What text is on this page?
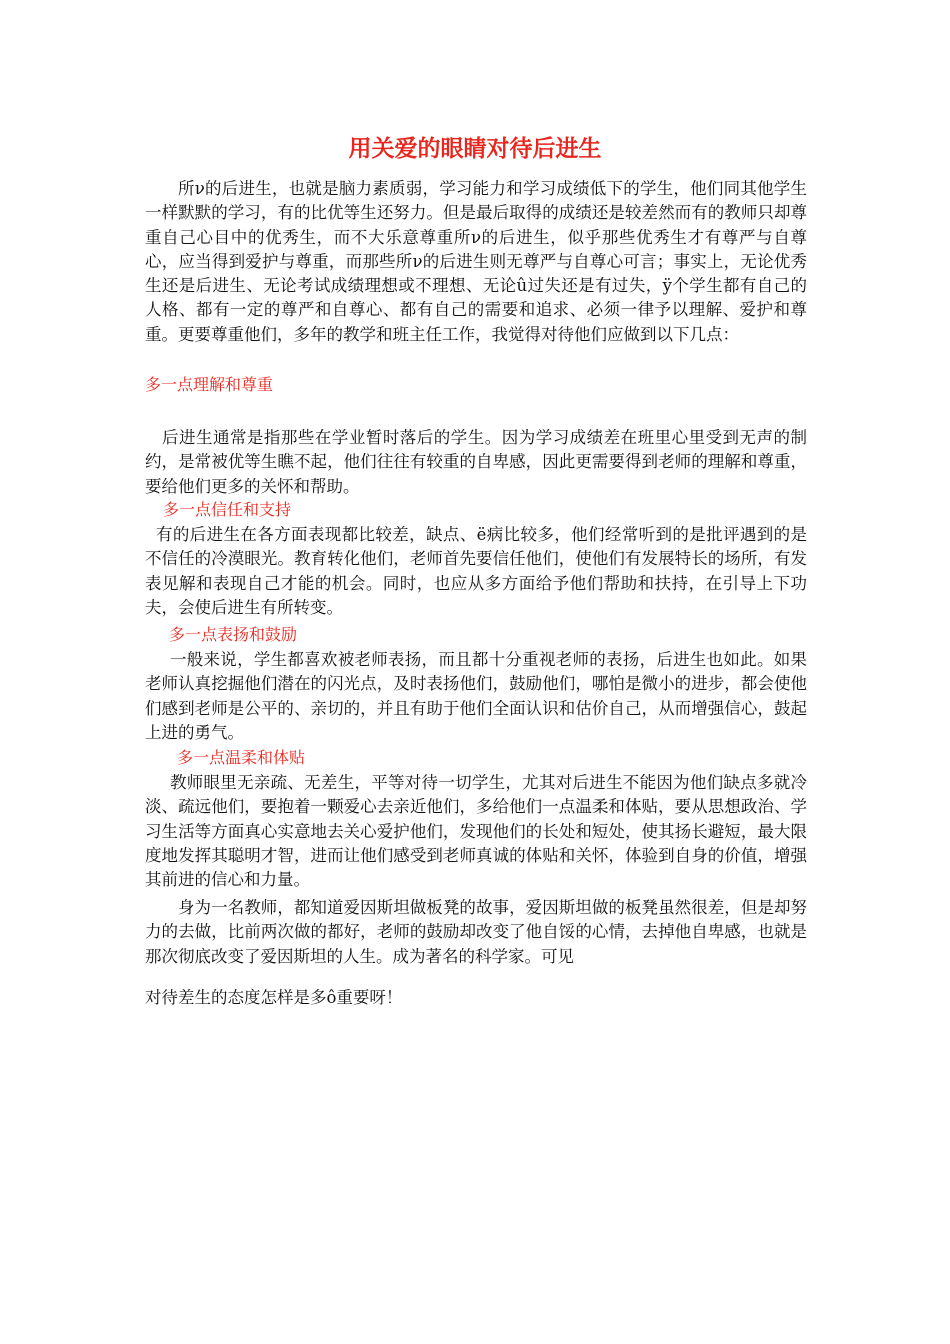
用关爱的眼睛对待后进生

所ν的后进生，也就是脑力素质弱，学习能力和学习成绩低下的学生，他们同其他学生一样默默的学习，有的比优等生还努力。但是最后取得的成绩还是较差然而有的教师只却尊重自己心目中的优秀生，而不大乐意尊重所ν的后进生，似乎那些优秀生才有尊严与自尊心，应当得到爱护与尊重，而那些所ν的后进生则无尊严与自尊心可言；事实上，无论优秀生还是后进生、无论考试成绩理想或不理想、无论û过失还是有过失，ÿ个学生都有自己的人格、都有一定的尊严和自尊心、都有自己的需要和追求、必须一律予以理解、爱护和尊重。更要尊重他们，多年的教学和班主任工作，我觉得对待他们应做到以下几点：

多一点理解和尊重

后进生通常是指那些在学业暂时落后的学生。因为学习成绩差在班里心里受到无声的制约，是常被优等生瞧不起，他们往往有较重的自卑感，因此更需要得到老师的理解和尊重，要给他们更多的关怀和帮助。

多一点信任和支持

有的后进生在各方面表现都比较差，缺点、ë病比较多，他们经常听到的是批评遇到的是不信任的冷漠眼光。教育转化他们，老师首先要信任他们，使他们有发展特长的场所，有发表见解和表现自己才能的机会。同时，也应从多方面给予他们帮助和扶持，在引导上下功夫，会使后进生有所转变。

多一点表扬和鼓励

一般来说，学生都喜欢被老师表扬，而且都十分重视老师的表扬，后进生也如此。如果老师认真挖掘他们潜在的闪光点，及时表扬他们，鼓励他们，哪怕是微小的进步，都会使他们感到老师是公平的、亲切的，并且有助于他们全面认识和估价自己，从而增强信心，鼓起上进的勇气。

多一点温柔和体贴

教师眼里无亲疏、无差生，平等对待一切学生，尤其对后进生不能因为他们缺点多就冷淡、疏远他们，要抱着一颗爱心去亲近他们，多给他们一点温柔和体贴，要从思想政治、学习生活等方面真心实意地去关心爱护他们，发现他们的长处和短处，使其扬长避短，最大限度地发挥其聪明才智，进而让他们感受到老师真诚的体贴和关怀，体验到自身的价值，增强其前进的信心和力量。

身为一名教师，都知道爱因斯坦做板凳的故事，爱因斯坦做的板凳虽然很差，但是却努力的去做，比前两次做的都好，老师的鼓励却改变了他自馁的心情，去掉他自卑感，也就是那次彻底改变了爱因斯坦的人生。成为著名的科学家。可见

对待差生的态度怎样是多ô重要呀！
